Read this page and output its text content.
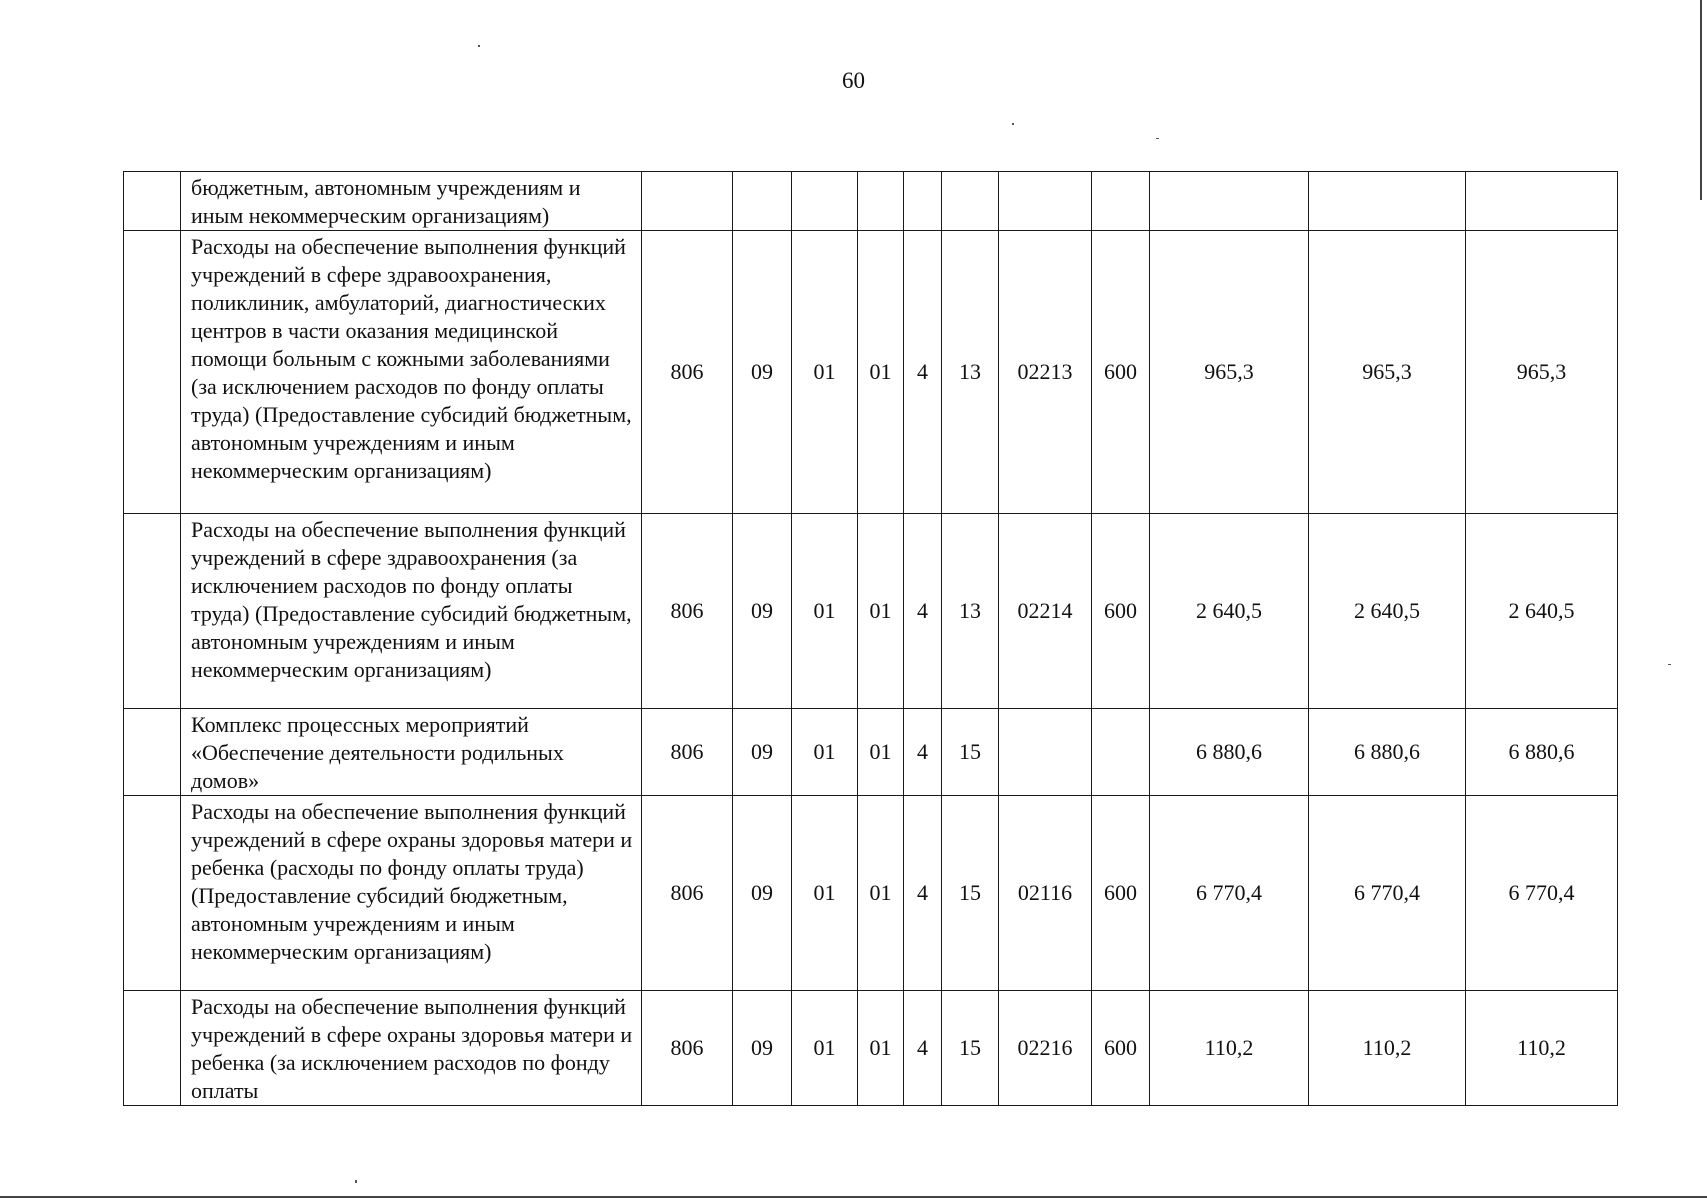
60
	бюджетным, автономным учреждениям и иным некоммерческим организациям)											
	Расходы на обеспечение выполнения функций учреждений в сфере здравоохранения, поликлиник, амбулаторий, диагностических центров в части оказания медицинской помощи больным с кожными заболеваниями (за исключением расходов по фонду оплаты труда) (Предоставление субсидий бюджетным, автономным учреждениям и иным некоммерческим организациям)	806	09	01	01	4	13	02213	600	965,3	965,3	965,3
	Расходы на обеспечение выполнения функций учреждений в сфере здравоохранения (за исключением расходов по фонду оплаты труда) (Предоставление субсидий бюджетным, автономным учреждениям и иным некоммерческим организациям)	806	09	01	01	4	13	02214	600	2 640,5	2 640,5	2 640,5
	Комплекс процессных мероприятий «Обеспечение деятельности родильных домов»	806	09	01	01	4	15			6 880,6	6 880,6	6 880,6
	Расходы на обеспечение выполнения функций учреждений в сфере охраны здоровья матери и ребенка (расходы по фонду оплаты труда) (Предоставление субсидий бюджетным, автономным учреждениям и иным некоммерческим организациям)	806	09	01	01	4	15	02116	600	6 770,4	6 770,4	6 770,4
	Расходы на обеспечение выполнения функций учреждений в сфере охраны здоровья матери и ребенка (за исключением расходов по фонду оплаты	806	09	01	01	4	15	02216	600	110,2	110,2	110,2
